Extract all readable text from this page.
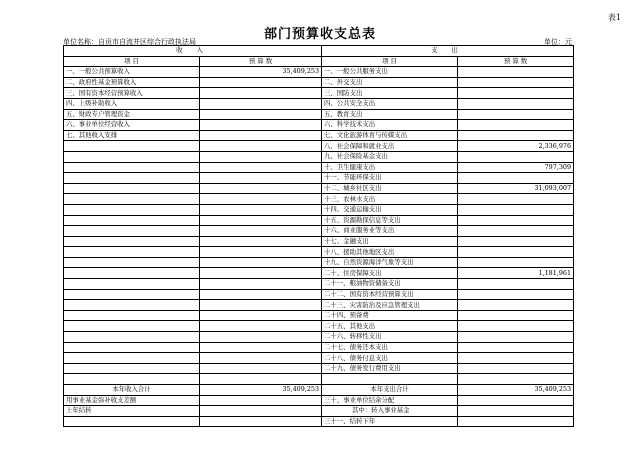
表1
部门预算收支总表
单位名称：自贡市自流井区综合行政执法局	单位：元
收 入		支 出	
项 目	预 算 数	项 目	预 算 数
一、一般公共预算收入	35,409,253	一、一般公共服务支出	
二、政府性基金预算收入		二、外交支出	
三、国有资本经营预算收入		三、国防支出	
四、上级补助收入		四、公共安全支出	
五、财政专户管理资金		五、教育支出	
六、事业单位经营收入		六、科学技术支出	
七、其他收入安排		七、文化旅游体育与传媒支出	
		八、社会保障和就业支出	2,336,976
		九、社会保险基金支出	
		十、卫生健康支出	797,309
		十一、节能环保支出	
		十二、城乡社区支出	31,093,007
		十三、农林水支出	
		十四、交通运输支出	
		十五、资源勘探信息等支出	
		十六、商业服务业等支出	
		十七、金融支出	
		十八、援助其他地区支出	
		十九、自然资源海洋气象等支出	
		二十、住房保障支出	1,181,961
		二十一、粮油物资储备支出	
		二十二、国有资本经营预算支出	
		二十三、灾害防治及应急管理支出	
		二十四、预备费	
		二十五、其他支出	
		二十六、转移性支出	
		二十七、债务还本支出	
		二十八、债务付息支出	
		二十九、债务发行费用支出	

本年收入合计	35,409,253	本年支出合计	35,409,253
用事业基金弥补收支差额		三十、事业单位结余分配	
上年结转		其中：转入事业基金	
		三十一、结转下年	
